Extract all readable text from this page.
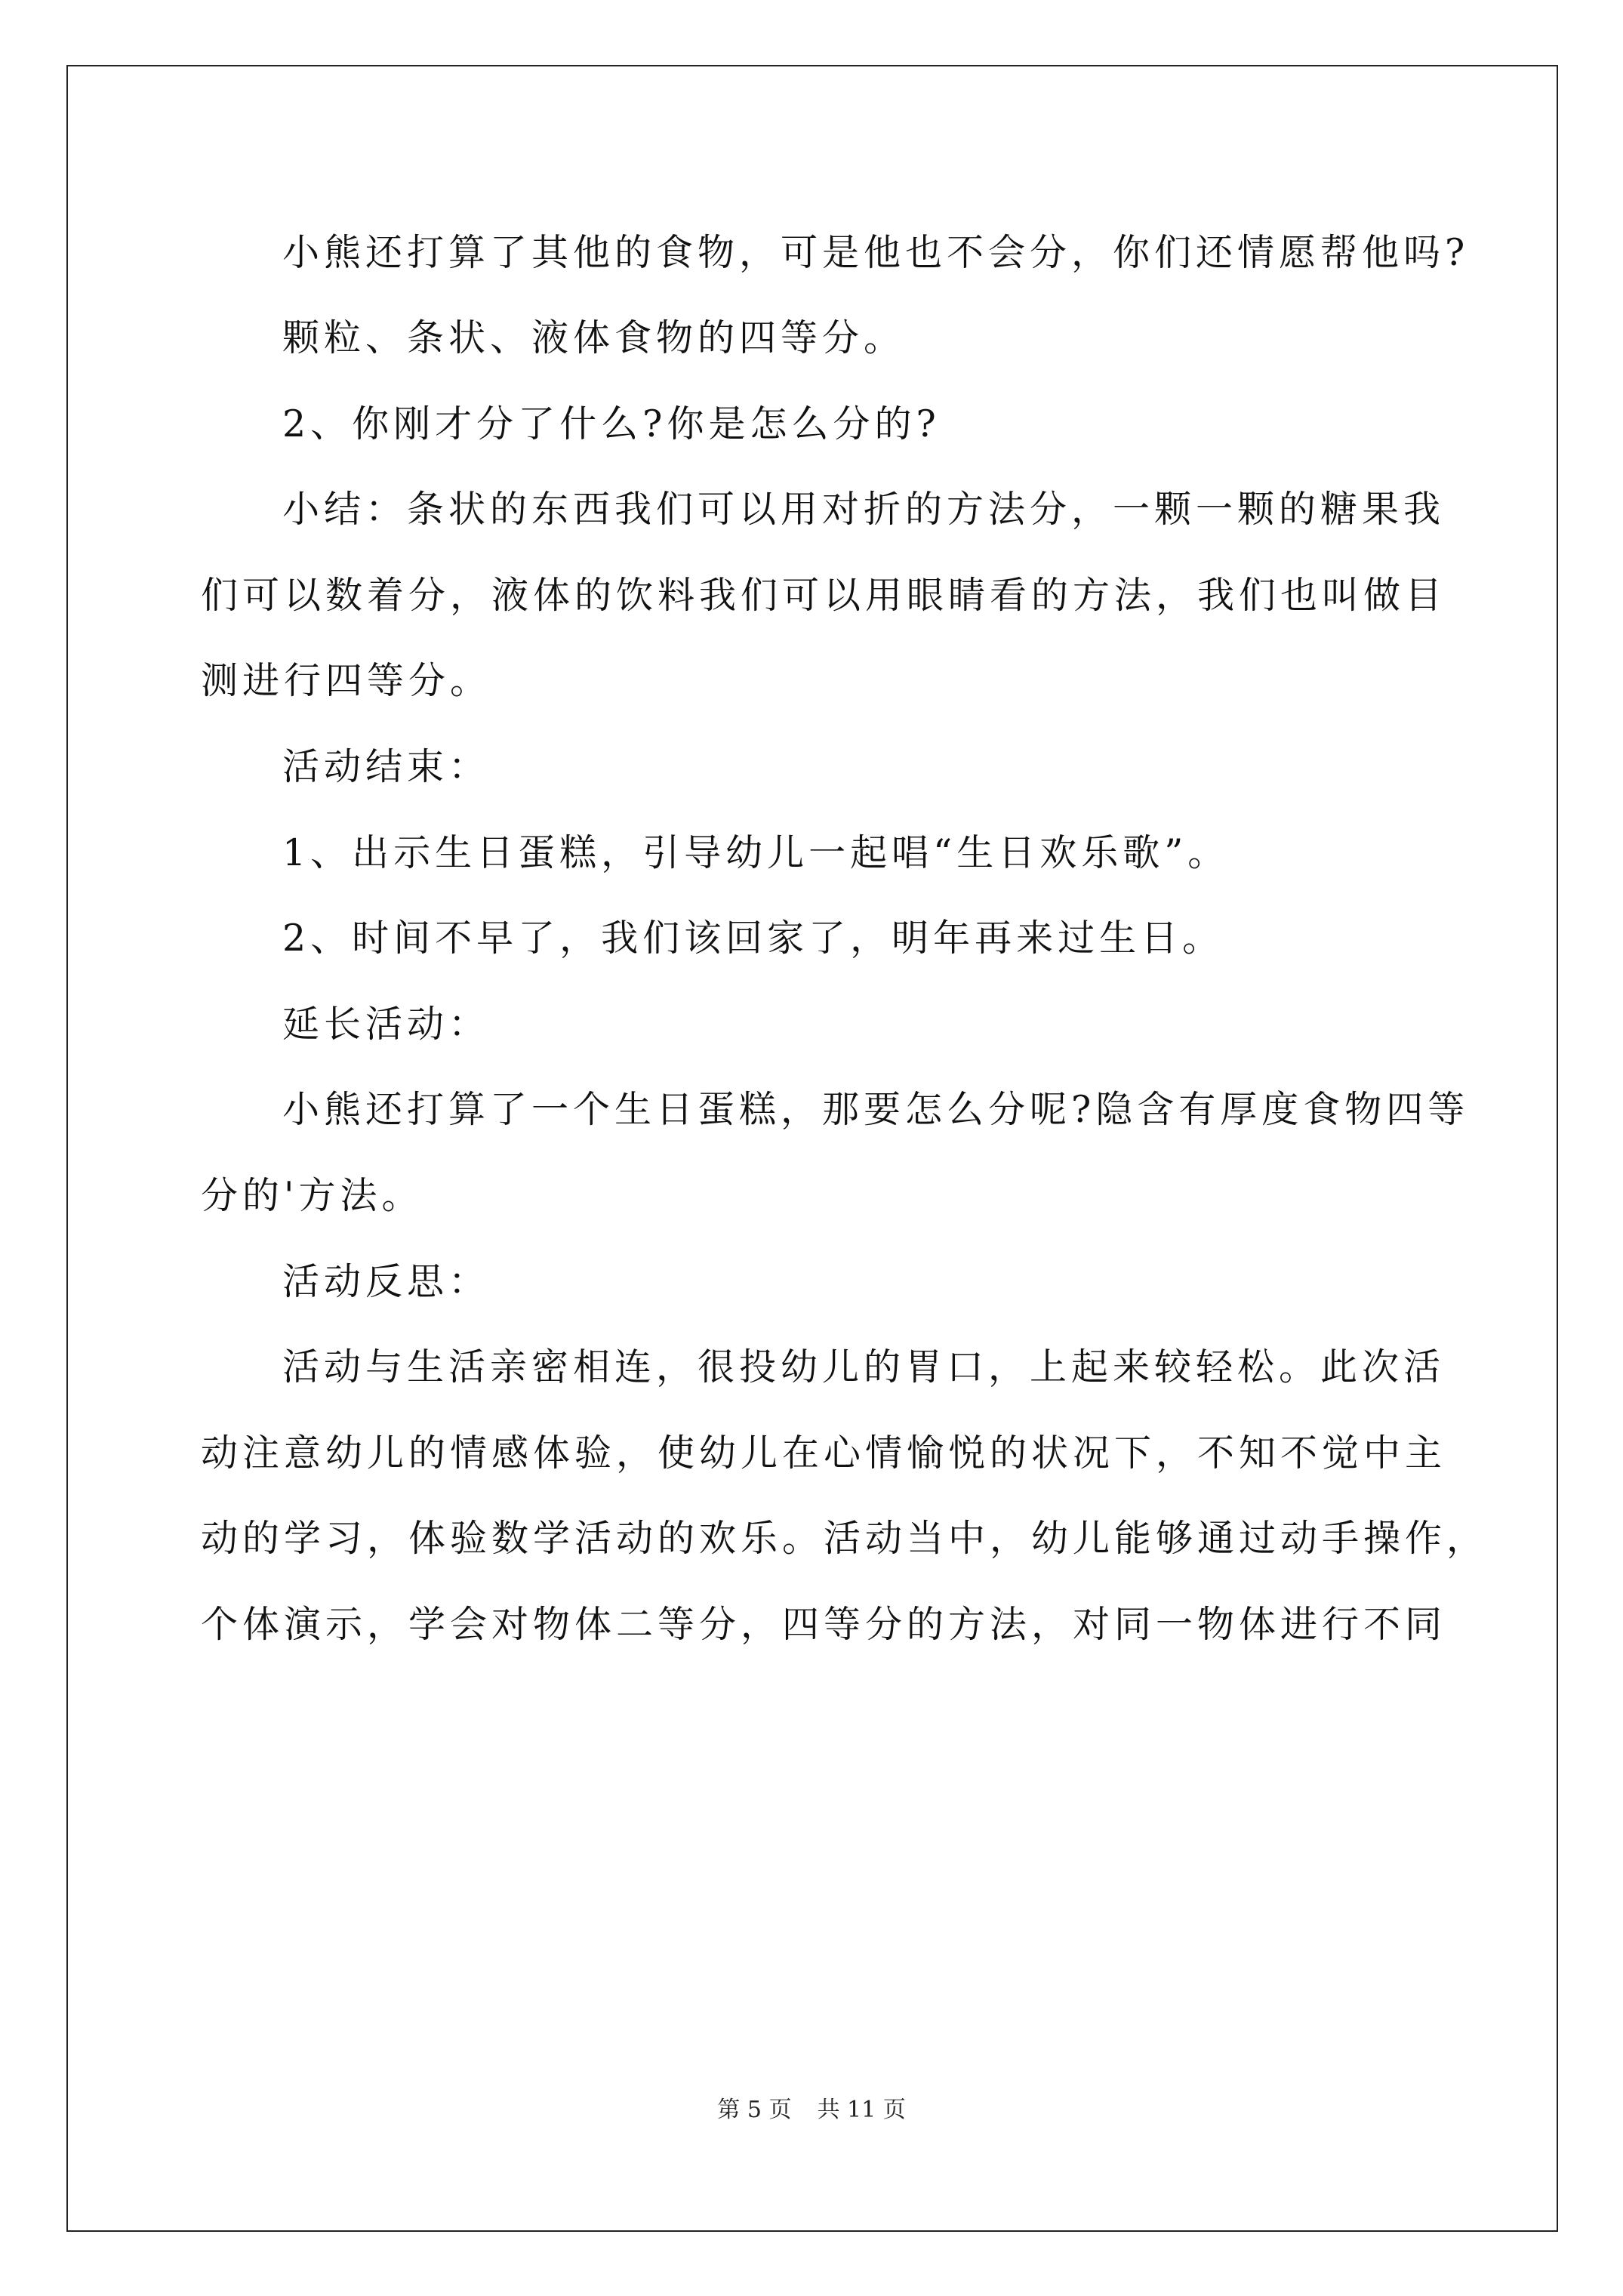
小熊还打算了其他的食物，可是他也不会分，你们还情愿帮他吗?
颗粒、条状、液体食物的四等分。
2、你刚才分了什么?你是怎么分的?
小结：条状的东西我们可以用对折的方法分，一颗一颗的糖果我
们可以数着分，液体的饮料我们可以用眼睛看的方法，我们也叫做目
测进行四等分。
活动结束：
1、出示生日蛋糕，引导幼儿一起唱“生日欢乐歌”。
2、时间不早了，我们该回家了，明年再来过生日。
延长活动：
小熊还打算了一个生日蛋糕，那要怎么分呢?隐含有厚度食物四等
分的'方法。
活动反思：
活动与生活亲密相连，很投幼儿的胃口，上起来较轻松。此次活
动注意幼儿的情感体验，使幼儿在心情愉悦的状况下，不知不觉中主
动的学习，体验数学活动的欢乐。活动当中，幼儿能够通过动手操作，
个体演示，学会对物体二等分，四等分的方法，对同一物体进行不同
第 5 页 共 11 页
